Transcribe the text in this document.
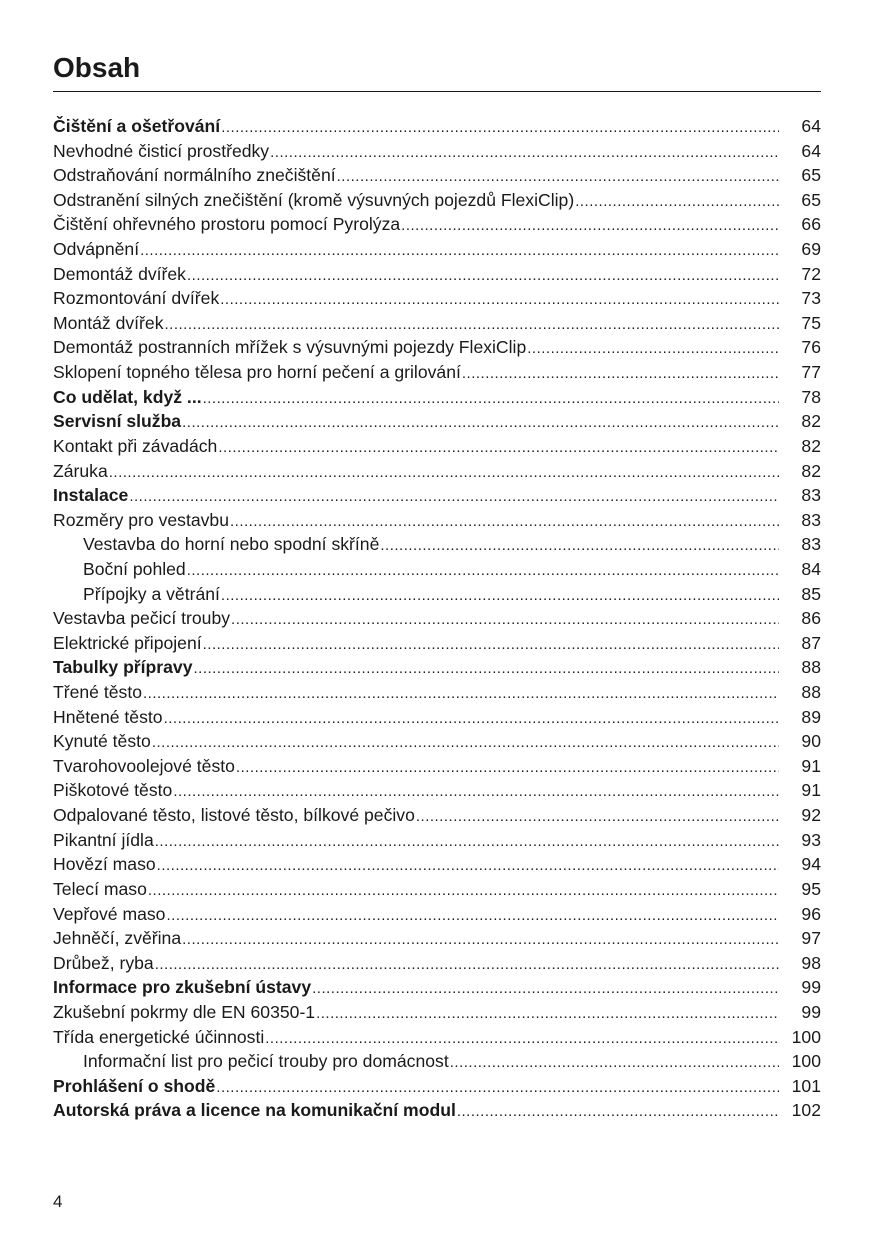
Obsah
Čištění a ošetřování .....	64
Nevhodné čisticí prostředky .....	64
Odstraňování normálního znečištění .....	65
Odstranění silných znečištění (kromě výsuvných pojezdů FlexiClip) .....	65
Čištění ohřevného prostoru pomocí Pyrolýza .....	66
Odvápnění .....	69
Demontáž dvířek .....	72
Rozmontování dvířek .....	73
Montáž dvířek .....	75
Demontáž postranních mřížek s výsuvnými pojezdy FlexiClip .....	76
Sklopení topného tělesa pro horní pečení a grilování .....	77
Co udělat, když ... .....	78
Servisní služba .....	82
Kontakt při závadách .....	82
Záruka .....	82
Instalace .....	83
Rozměry pro vestavbu .....	83
Vestavba do horní nebo spodní skříně .....	83
Boční pohled .....	84
Přípojky a větrání .....	85
Vestavba pečicí trouby .....	86
Elektrické připojení .....	87
Tabulky přípravy .....	88
Třené těsto .....	88
Hnětené těsto .....	89
Kynuté těsto .....	90
Tvarohovoolejové těsto .....	91
Piškotové těsto .....	91
Odpalované těsto, listové těsto, bílkové pečivo .....	92
Pikantní jídla .....	93
Hovězí maso .....	94
Telecí maso .....	95
Vepřové maso .....	96
Jehněčí, zvěřina .....	97
Drůbež, ryba .....	98
Informace pro zkušební ústavy .....	99
Zkušební pokrmy dle EN 60350-1 .....	99
Třída energetické účinnosti .....	100
Informační list pro pečicí trouby pro domácnost .....	100
Prohlášení o shodě .....	101
Autorská práva a licence na komunikační modul .....	102
4
